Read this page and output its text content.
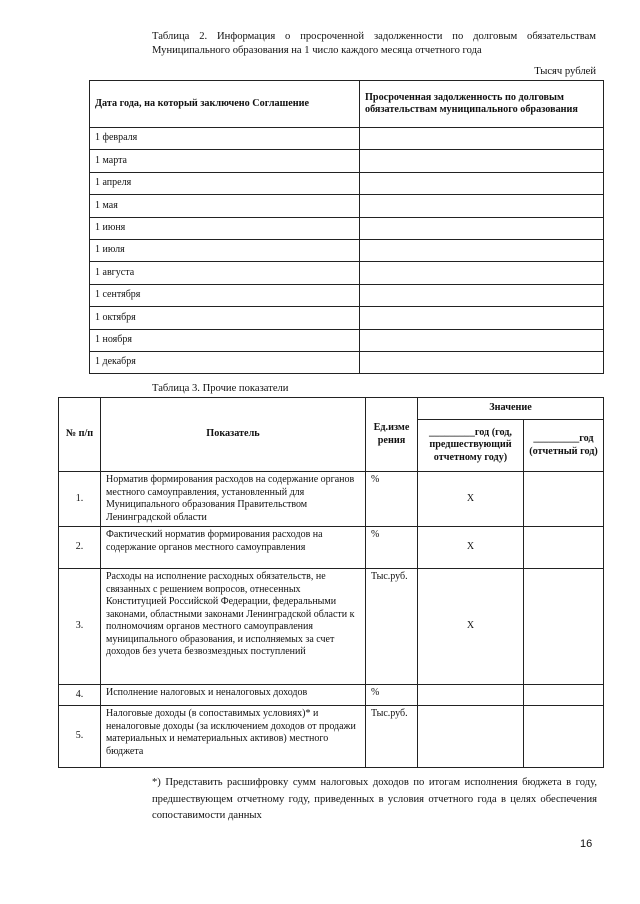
Таблица 2. Информация о просроченной задолженности по долговым обязательствам Муниципального образования на 1 число каждого месяца отчетного года
Тысяч рублей
Дата года, на который заключено Соглашение	Просроченная задолженность по долговым обязательствам муниципального образования
1 февраля	
1 марта	
1 апреля	
1 мая	
1 июня	
1 июля	
1 августа	
1 сентября	
1 октября	
1 ноября	
1 декабря	
Таблица 3. Прочие показатели
№ п/п	Показатель	Ед.изме рения	Значение	
			_________год (год, предшествующий отчетному году)	_________год (отчетный год)
1.	Норматив формирования расходов на содержание органов местного самоуправления, установленный для Муниципального образования Правительством Ленинградской области	%	X	
2.	Фактический норматив формирования расходов на содержание органов местного самоуправления	%	X	
3.	Расходы на исполнение расходных обязательств, не связанных с решением вопросов, отнесенных Конституцией Российской Федерации, федеральными законами, областными законами Ленинградской области к полномочиям органов местного самоуправления муниципального образования, и исполняемых за счет доходов без учета безвозмездных поступлений	Тыс.руб.	X	
4.	Исполнение налоговых и неналоговых доходов	%		
5.	Налоговые доходы (в сопоставимых условиях)* и неналоговые доходы (за исключением доходов от продажи материальных и нематериальных активов) местного бюджета	Тыс.руб.		
*) Представить расшифровку сумм налоговых доходов по итогам исполнения бюджета в году, предшествующем отчетному году, приведенных в условия отчетного года в целях обеспечения сопоставимости данных
16
